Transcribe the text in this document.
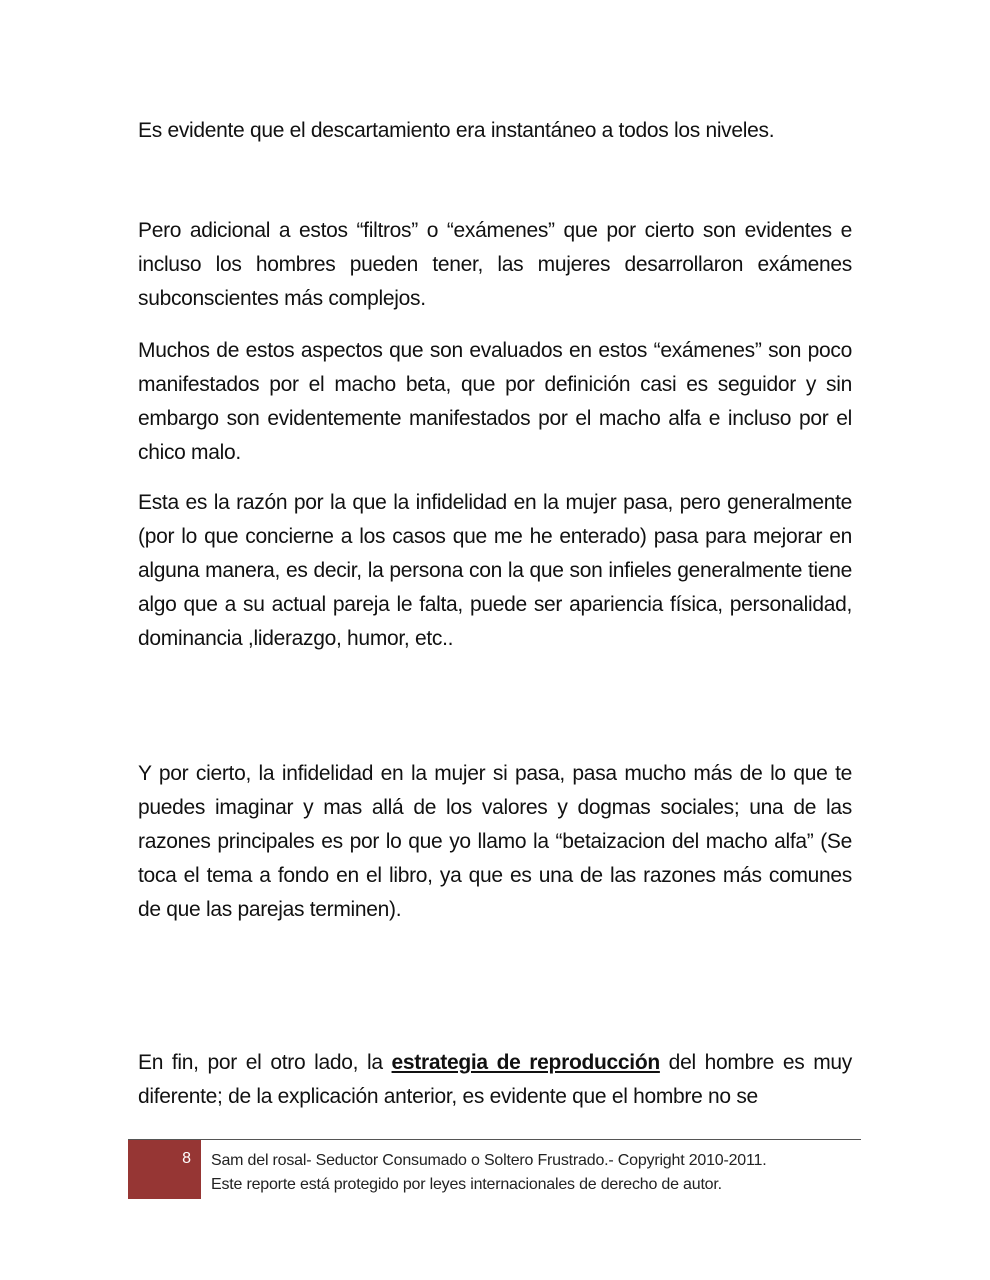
Es evidente que el descartamiento era instantáneo a todos los niveles.

Pero adicional a estos “filtros” o “exámenes” que por cierto son evidentes e incluso los hombres pueden tener, las mujeres desarrollaron exámenes subconscientes más complejos.

Muchos de estos aspectos que son evaluados en estos “exámenes” son poco manifestados por el macho beta, que por definición casi es seguidor y sin embargo son evidentemente manifestados por el macho alfa e incluso por el chico malo.

Esta es la razón por la que la infidelidad en la mujer pasa, pero generalmente (por lo que concierne a los casos que me he enterado) pasa para mejorar en alguna manera, es decir, la persona con la que son infieles generalmente tiene algo que a su actual pareja le falta, puede ser apariencia física, personalidad, dominancia ,liderazgo, humor, etc..

Y por cierto, la infidelidad en la mujer si pasa, pasa mucho más de lo que te puedes imaginar y mas allá de los valores y dogmas sociales; una de las razones principales es por lo que yo llamo la “betaizacion del macho alfa” (Se toca el tema a fondo en el libro, ya que es una de las razones más comunes de que las parejas terminen).

En fin, por el otro lado, la estrategia de reproducción del hombre es muy diferente; de la explicación anterior, es evidente que el hombre no se

8 Sam del rosal- Seductor Consumado o Soltero Frustrado.- Copyright 2010-2011.
Este reporte está protegido por leyes internacionales de derecho de autor.
